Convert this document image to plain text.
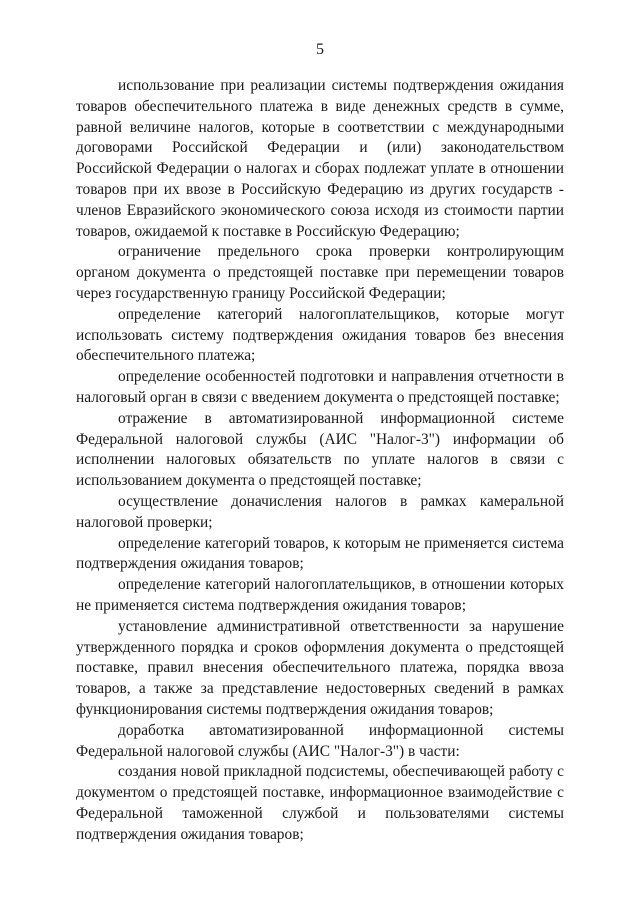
5

использование при реализации системы подтверждения ожидания товаров обеспечительного платежа в виде денежных средств в сумме, равной величине налогов, которые в соответствии с международными договорами Российской Федерации и (или) законодательством Российской Федерации о налогах и сборах подлежат уплате в отношении товаров при их ввозе в Российскую Федерацию из других государств - членов Евразийского экономического союза исходя из стоимости партии товаров, ожидаемой к поставке в Российскую Федерацию;

ограничение предельного срока проверки контролирующим органом документа о предстоящей поставке при перемещении товаров через государственную границу Российской Федерации;

определение категорий налогоплательщиков, которые могут использовать систему подтверждения ожидания товаров без внесения обеспечительного платежа;

определение особенностей подготовки и направления отчетности в налоговый орган в связи с введением документа о предстоящей поставке;

отражение в автоматизированной информационной системе Федеральной налоговой службы (АИС "Налог-3") информации об исполнении налоговых обязательств по уплате налогов в связи с использованием документа о предстоящей поставке;

осуществление доначисления налогов в рамках камеральной налоговой проверки;

определение категорий товаров, к которым не применяется система подтверждения ожидания товаров;

определение категорий налогоплательщиков, в отношении которых не применяется система подтверждения ожидания товаров;

установление административной ответственности за нарушение утвержденного порядка и сроков оформления документа о предстоящей поставке, правил внесения обеспечительного платежа, порядка ввоза товаров, а также за представление недостоверных сведений в рамках функционирования системы подтверждения ожидания товаров;

доработка автоматизированной информационной системы Федеральной налоговой службы (АИС "Налог-3") в части:

создания новой прикладной подсистемы, обеспечивающей работу с документом о предстоящей поставке, информационное взаимодействие с Федеральной таможенной службой и пользователями системы подтверждения ожидания товаров;
